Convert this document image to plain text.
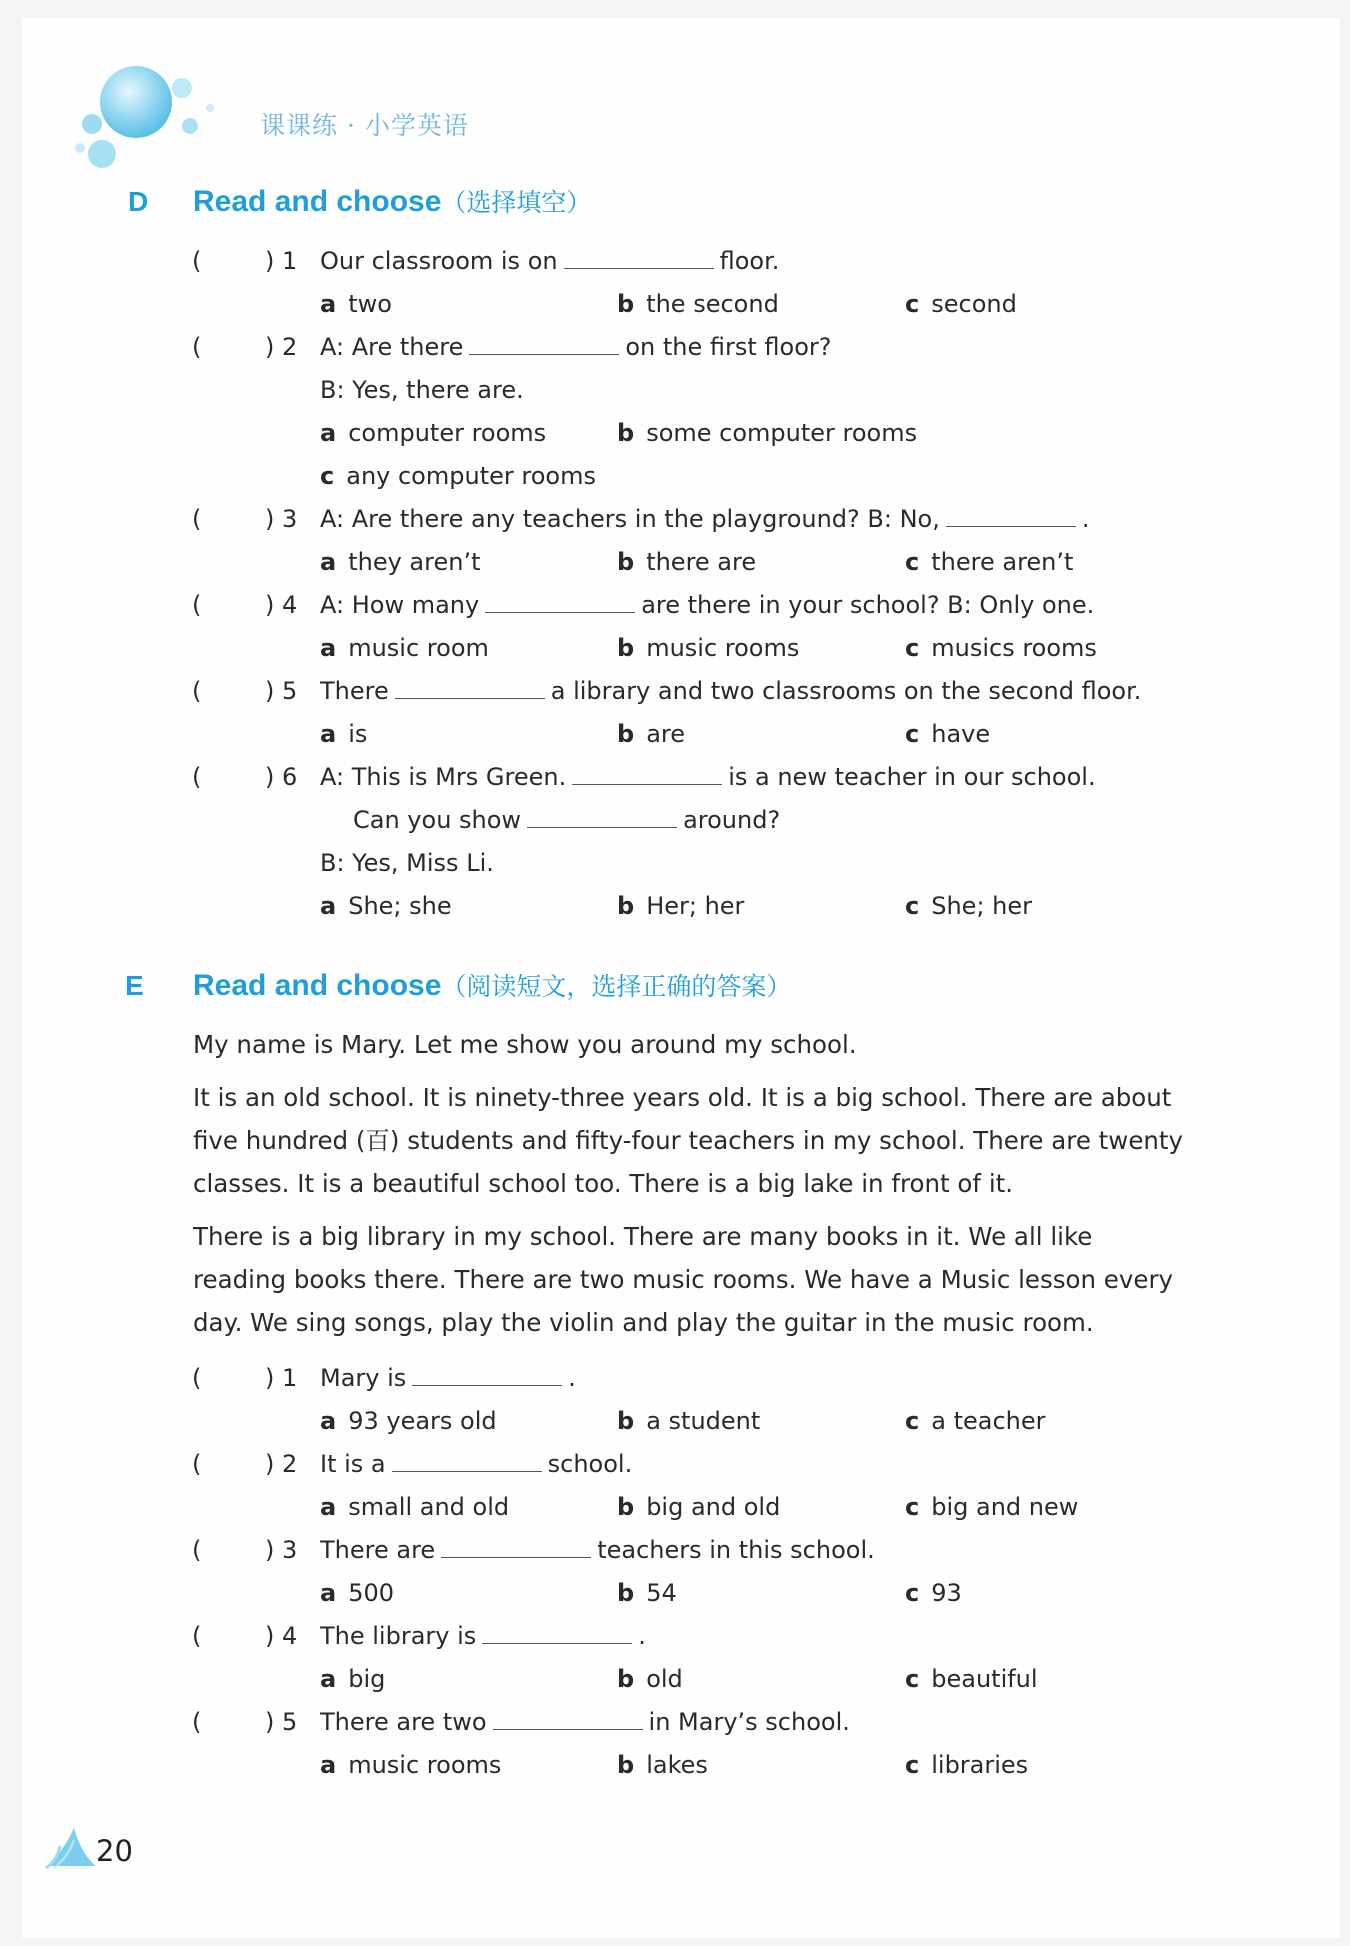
课课练 · 小学英语
D Read and choose（选择填空）
(	) 1 Our classroom is on	floor.
a two	b the second	c second
(	) 2 A: Are there	on the first floor?
B: Yes, there are.
a computer rooms	b some computer rooms
c any computer rooms
(	) 3 A: Are there any teachers in the playground? B: No,	.
a they aren’t	b there are	c there aren’t
(	) 4 A: How many	are there in your school? B: Only one.
a music room	b music rooms	c musics rooms
(	) 5 There	a library and two classrooms on the second floor.
a is	b are	c have
(	) 6 A: This is Mrs Green.	is a new teacher in our school.
Can you show	around?
B: Yes, Miss Li.
a She; she	b Her; her	c She; her
E Read and choose（阅读短文，选择正确的答案）
My name is Mary. Let me show you around my school.
It is an old school. It is ninety-three years old. It is a big school. There are about five hundred (百) students and fifty-four teachers in my school. There are twenty classes. It is a beautiful school too. There is a big lake in front of it.
There is a big library in my school. There are many books in it. We all like reading books there. There are two music rooms. We have a Music lesson every day. We sing songs, play the violin and play the guitar in the music room.
(	) 1 Mary is	.
a 93 years old	b a student	c a teacher
(	) 2 It is a	school.
a small and old	b big and old	c big and new
(	) 3 There are	teachers in this school.
a 500	b 54	c 93
(	) 4 The library is	.
a big	b old	c beautiful
(	) 5 There are two	in Mary’s school.
a music rooms	b lakes	c libraries
20
